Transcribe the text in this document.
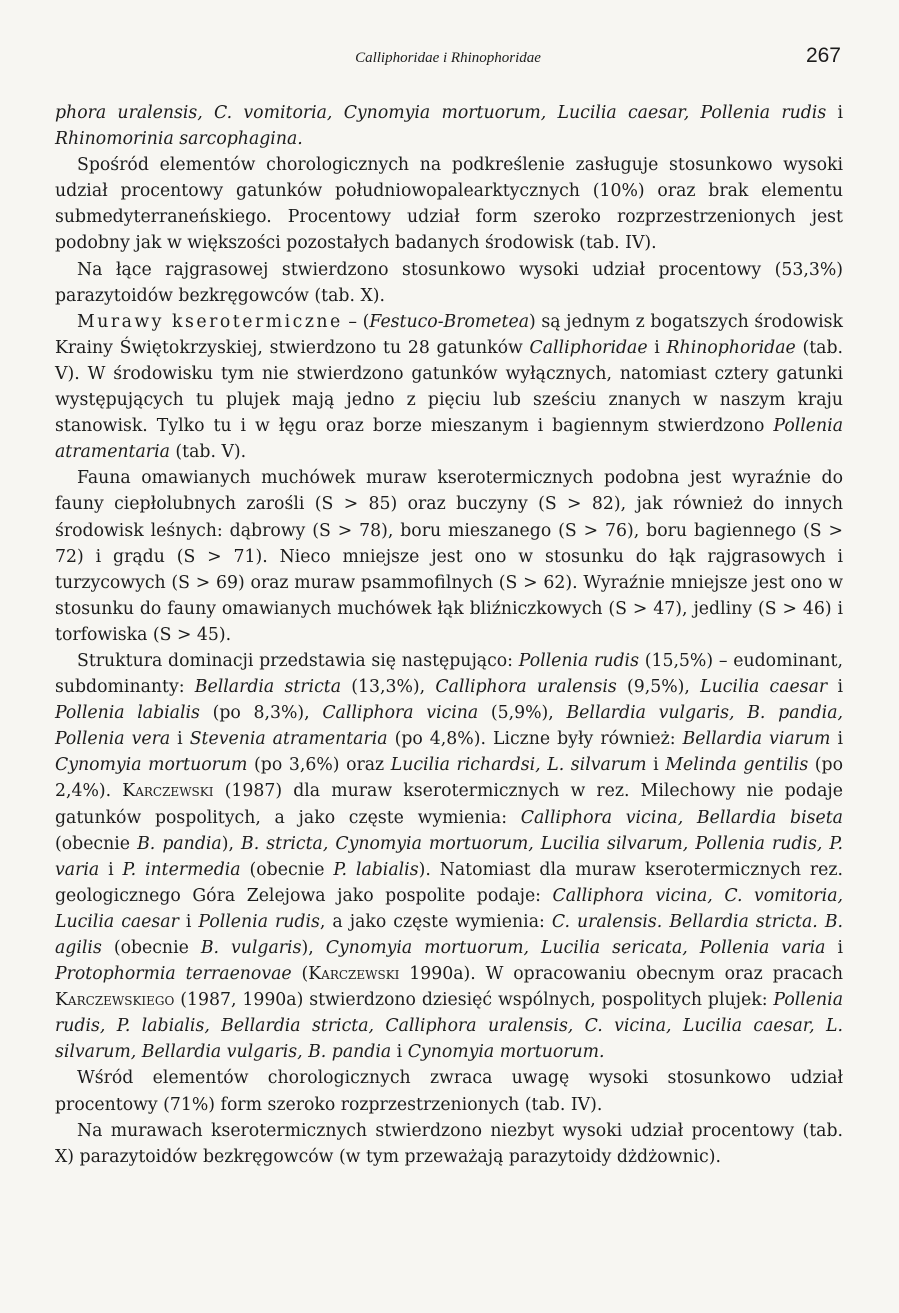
Calliphoridae i Rhinophoridae	267

phora uralensis, C. vomitoria, Cynomyia mortuorum, Lucilia caesar, Pollenia rudis i Rhinomorinia sarcophagina.

Spośród elementów chorologicznych na podkreślenie zasługuje stosunkowo wysoki udział procentowy gatunków południowopalearktycznych (10%) oraz brak elementu submedyterraneńskiego. Procentowy udział form szeroko rozprzestrzenionych jest podobny jak w większości pozostałych badanych środowisk (tab. IV).

Na łące rajgrasowej stwierdzono stosunkowo wysoki udział procentowy (53,3%) parazytoidów bezkręgowców (tab. X).

Murawy kserotermiczne – (Festuco-Brometea) są jednym z bogatszych środowisk Krainy Świętokrzyskiej, stwierdzono tu 28 gatunków Calliphoridae i Rhinophoridae (tab. V). W środowisku tym nie stwierdzono gatunków wyłącznych, natomiast cztery gatunki występujących tu plujek mają jedno z pięciu lub sześciu znanych w naszym kraju stanowisk. Tylko tu i w łęgu oraz borze mieszanym i bagiennym stwierdzono Pollenia atramentaria (tab. V).

Fauna omawianych muchówek muraw kserotermicznych podobna jest wyraźnie do fauny ciepłolubnych zarośli (S > 85) oraz buczyny (S > 82), jak również do innych środowisk leśnych: dąbrowy (S > 78), boru mieszanego (S > 76), boru bagiennego (S > 72) i grądu (S > 71). Nieco mniejsze jest ono w stosunku do łąk rajgrasowych i turzycowych (S > 69) oraz muraw psammofilnych (S > 62). Wyraźnie mniejsze jest ono w stosunku do fauny omawianych muchówek łąk bliźniczkowych (S > 47), jedliny (S > 46) i torfowiska (S > 45).

Struktura dominacji przedstawia się następująco: Pollenia rudis (15,5%) – eudominant, subdominanty: Bellardia stricta (13,3%), Calliphora uralensis (9,5%), Lucilia caesar i Pollenia labialis (po 8,3%), Calliphora vicina (5,9%), Bellardia vulgaris, B. pandia, Pollenia vera i Stevenia atramentaria (po 4,8%). Liczne były również: Bellardia viarum i Cynomyia mortuorum (po 3,6%) oraz Lucilia richardsi, L. silvarum i Melinda gentilis (po 2,4%). Karczewski (1987) dla muraw kserotermicznych w rez. Milechowy nie podaje gatunków pospolitych, a jako częste wymienia: Calliphora vicina, Bellardia biseta (obecnie B. pandia), B. stricta, Cynomyia mortuorum, Lucilia silvarum, Pollenia rudis, P. varia i P. intermedia (obecnie P. labialis). Natomiast dla muraw kserotermicznych rez. geologicznego Góra Zelejowa jako pospolite podaje: Calliphora vicina, C. vomitoria, Lucilia caesar i Pollenia rudis, a jako częste wymienia: C. uralensis. Bellardia stricta. B. agilis (obecnie B. vulgaris), Cynomyia mortuorum, Lucilia sericata, Pollenia varia i Protophormia terraenovae (Karczewski 1990a). W opracowaniu obecnym oraz pracach Karczewskiego (1987, 1990a) stwierdzono dziesięć wspólnych, pospolitych plujek: Pollenia rudis, P. labialis, Bellardia stricta, Calliphora uralensis, C. vicina, Lucilia caesar, L. silvarum, Bellardia vulgaris, B. pandia i Cynomyia mortuorum.

Wśród elementów chorologicznych zwraca uwagę wysoki stosunkowo udział procentowy (71%) form szeroko rozprzestrzenionych (tab. IV).

Na murawach kserotermicznych stwierdzono niezbyt wysoki udział procentowy (tab. X) parazytoidów bezkręgowców (w tym przeważają parazytoidy dżdżownic).
